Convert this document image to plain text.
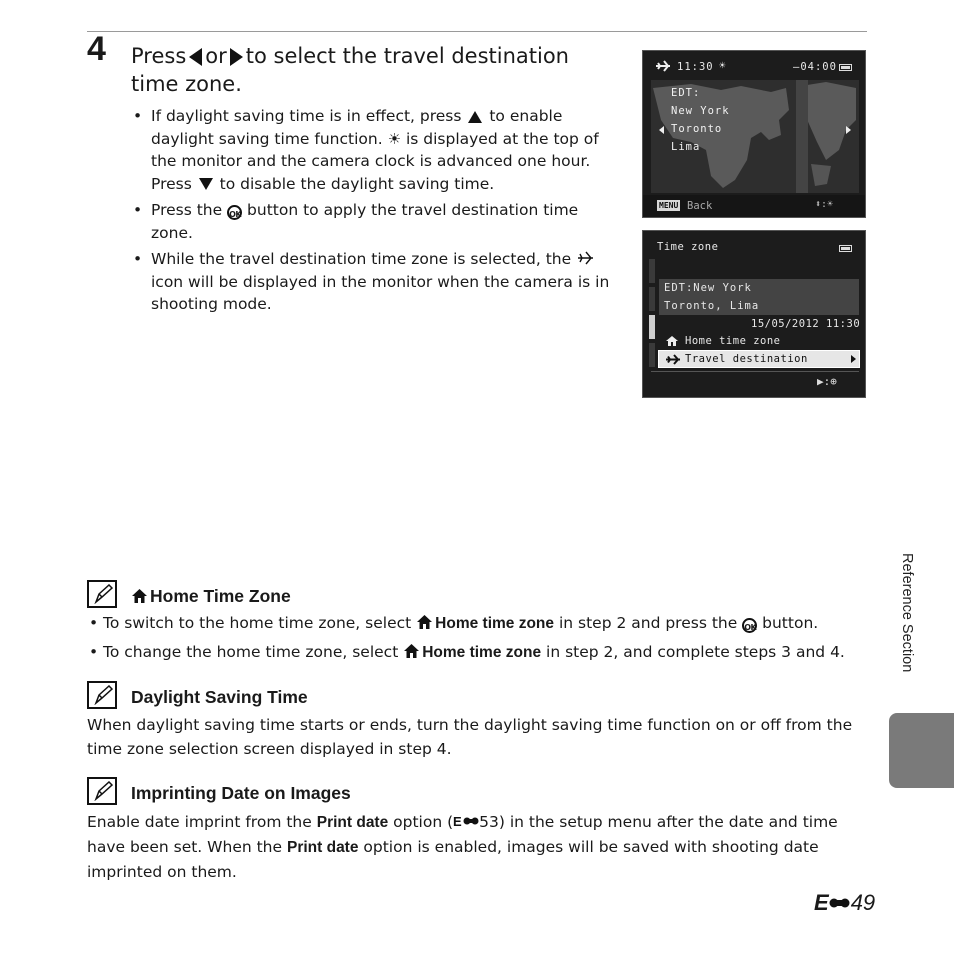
4 Press or to select the travel destination time zone.
• If daylight saving time is in effect, press to enable daylight saving time function. ☀ is displayed at the top of the monitor and the camera clock is advanced one hour. Press to disable the daylight saving time.
• Press the OK button to apply the travel destination time zone.
• While the travel destination time zone is selected, the  icon will be displayed in the monitor when the camera is in shooting mode.
11:30 ☀	–04:00
EDT:
New York
Toronto
Lima
MENU Back	⬍:☀
Time zone
EDT:New York
Toronto, Lima
15/05/2012 11:30
Home time zone
Travel destination
▶:⊕
Home Time Zone
• To switch to the home time zone, select Home time zone in step 2 and press the OK button.
• To change the home time zone, select Home time zone in step 2, and complete steps 3 and 4.
Daylight Saving Time
When daylight saving time starts or ends, turn the daylight saving time function on or off from the time zone selection screen displayed in step 4.
Imprinting Date on Images
Enable date imprint from the Print date option ( E 53) in the setup menu after the date and time have been set. When the Print date option is enabled, images will be saved with shooting date imprinted on them.
Reference Section
E 49
